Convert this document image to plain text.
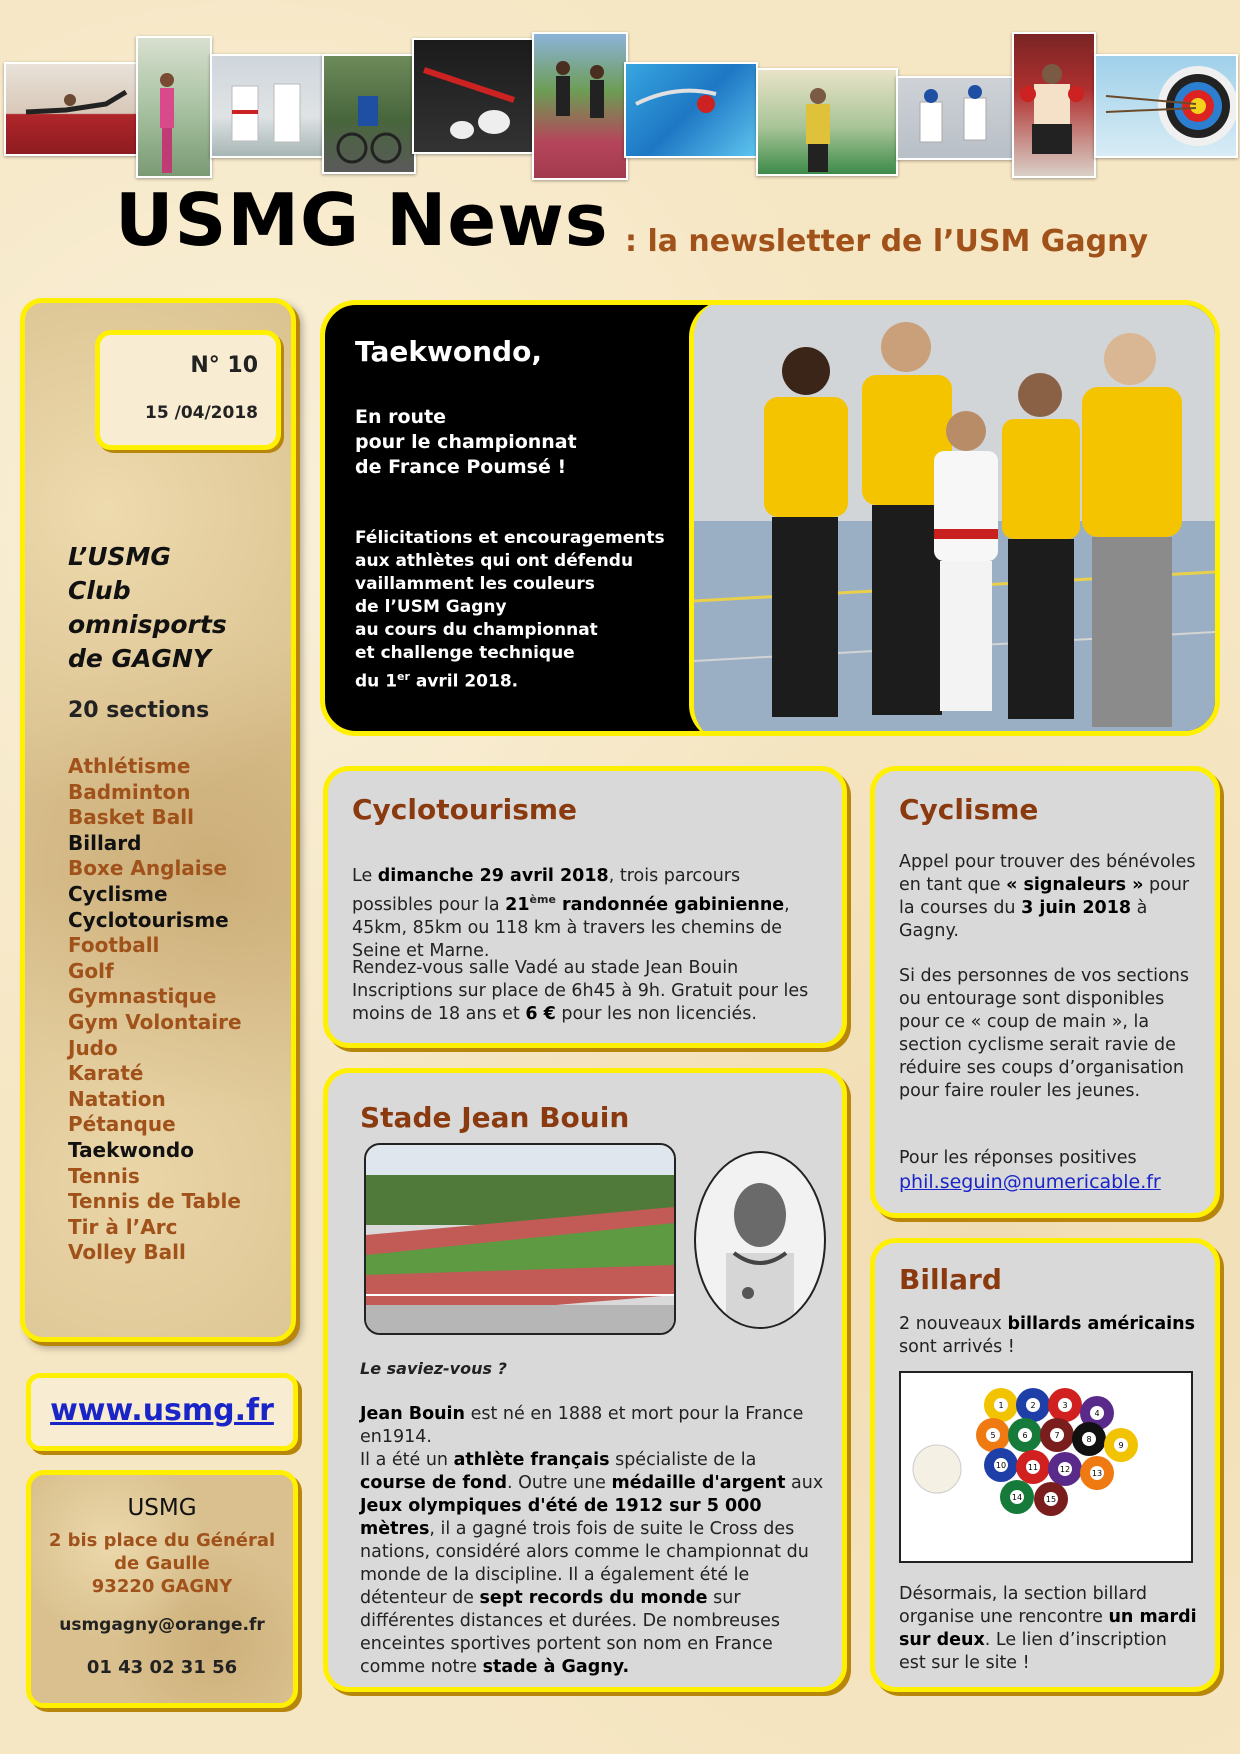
USMG News : la newsletter de l’USM Gagny
N° 10
15 /04/2018
L’USMG
Club
omnisports
de GAGNY
20 sections
Athlétisme
Badminton
Basket Ball
Billard
Boxe Anglaise
Cyclisme
Cyclotourisme
Football
Golf
Gymnastique
Gym Volontaire
Judo
Karaté
Natation
Pétanque
Taekwondo
Tennis
Tennis de Table
Tir à l’Arc
Volley Ball
www.usmg.fr
USMG
2 bis place du Général
de Gaulle
93220 GAGNY
usmgagny@orange.fr
01 43 02 31 56
Taekwondo,
En route
pour le championnat
de France Poumsé !
Félicitations et encouragements
aux athlètes qui ont défendu
vaillamment les couleurs
de l’USM Gagny
au cours du championnat
et challenge technique
du 1er avril 2018.
Cyclotourisme
Le dimanche 29 avril 2018, trois parcours possibles pour la 21ème randonnée gabinienne, 45km, 85km ou 118 km à travers les chemins de Seine et Marne.
Rendez-vous salle Vadé au stade Jean Bouin Inscriptions sur place de 6h45 à 9h. Gratuit pour les moins de 18 ans et 6 € pour les non licenciés.
Cyclisme
Appel pour trouver des bénévoles en tant que « signaleurs » pour la courses du 3 juin 2018 à Gagny.
Si des personnes de vos sections ou entourage sont disponibles pour ce « coup de main », la section cyclisme serait ravie de réduire ses coups d’organisation pour faire rouler les jeunes.
Pour les réponses positives
phil.seguin@numericable.fr
Stade Jean Bouin
Le saviez-vous ?
Jean Bouin est né en 1888 et mort pour la France en1914.
Il a été un athlète français spécialiste de la course de fond. Outre une médaille d'argent aux Jeux olympiques d'été de 1912 sur 5 000 mètres, il a gagné trois fois de suite le Cross des nations, considéré alors comme le championnat du monde de la discipline. Il a également été le détenteur de sept records du monde sur différentes distances et durées. De nombreuses enceintes sportives portent son nom en France comme notre stade à Gagny.
Billard
2 nouveaux billards américains sont arrivés !
1	2	3
4
5	6	7	8
9
10	11	12	13
14	15
Désormais, la section billard organise une rencontre un mardi sur deux. Le lien d’inscription est sur le site !
